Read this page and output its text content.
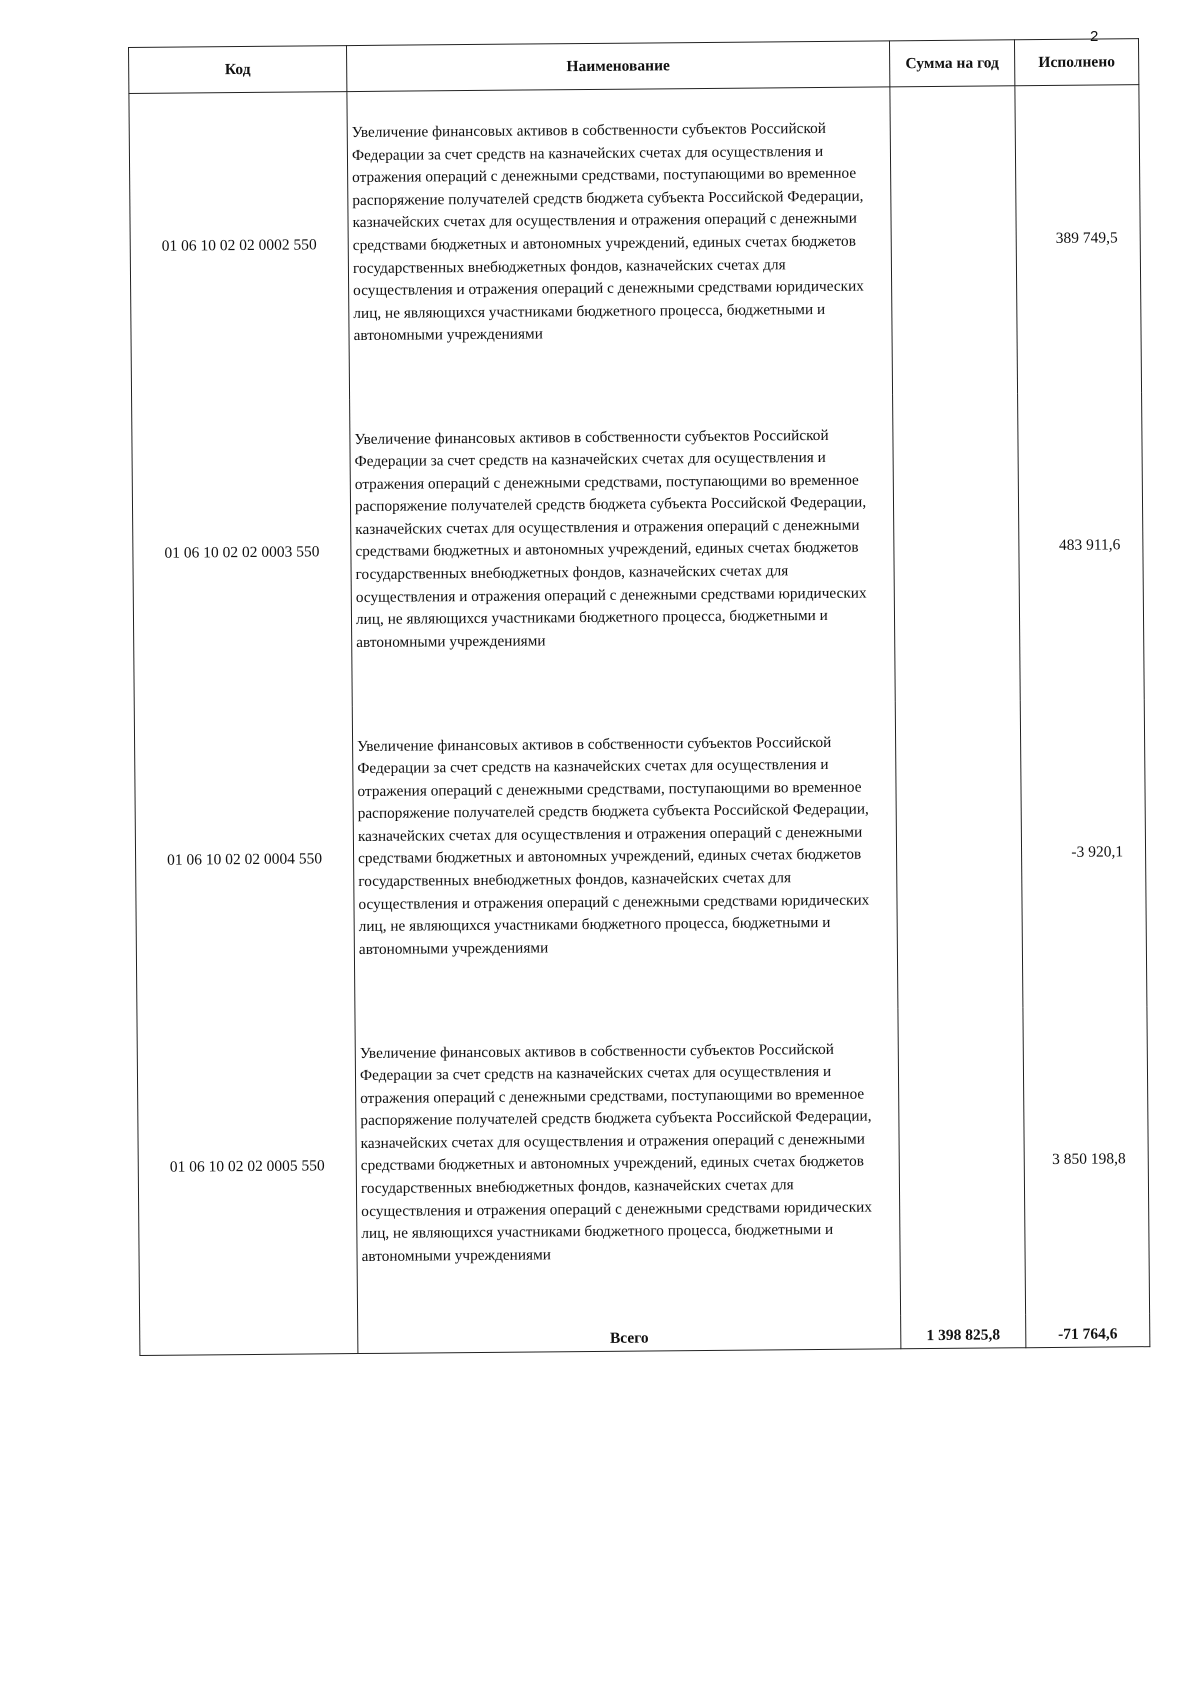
2
Код	Наименование	Сумма на год	Исполнено
01 06 10 02 02 0002 550	Увеличение финансовых активов в собственности субъектов Российской Федерации за счет средств на казначейских счетах для осуществления и отражения операций с денежными средствами, поступающими во временное распоряжение получателей средств бюджета субъекта Российской Федерации, казначейских счетах для осуществления и отражения операций с денежными средствами бюджетных и автономных учреждений, единых счетах бюджетов государственных внебюджетных фондов, казначейских счетах для осуществления и отражения операций с денежными средствами юридических лиц, не являющихся участниками бюджетного процесса, бюджетными и автономными учреждениями		389 749,5
01 06 10 02 02 0003 550	Увеличение финансовых активов в собственности субъектов Российской Федерации за счет средств на казначейских счетах для осуществления и отражения операций с денежными средствами, поступающими во временное распоряжение получателей средств бюджета субъекта Российской Федерации, казначейских счетах для осуществления и отражения операций с денежными средствами бюджетных и автономных учреждений, единых счетах бюджетов государственных внебюджетных фондов, казначейских счетах для осуществления и отражения операций с денежными средствами юридических лиц, не являющихся участниками бюджетного процесса, бюджетными и автономными учреждениями		483 911,6
01 06 10 02 02 0004 550	Увеличение финансовых активов в собственности субъектов Российской Федерации за счет средств на казначейских счетах для осуществления и отражения операций с денежными средствами, поступающими во временное распоряжение получателей средств бюджета субъекта Российской Федерации, казначейских счетах для осуществления и отражения операций с денежными средствами бюджетных и автономных учреждений, единых счетах бюджетов государственных внебюджетных фондов, казначейских счетах для осуществления и отражения операций с денежными средствами юридических лиц, не являющихся участниками бюджетного процесса, бюджетными и автономными учреждениями		-3 920,1
01 06 10 02 02 0005 550	Увеличение финансовых активов в собственности субъектов Российской Федерации за счет средств на казначейских счетах для осуществления и отражения операций с денежными средствами, поступающими во временное распоряжение получателей средств бюджета субъекта Российской Федерации, казначейских счетах для осуществления и отражения операций с денежными средствами бюджетных и автономных учреждений, единых счетах бюджетов государственных внебюджетных фондов, казначейских счетах для осуществления и отражения операций с денежными средствами юридических лиц, не являющихся участниками бюджетного процесса, бюджетными и автономными учреждениями		3 850 198,8
	Всего	1 398 825,8	-71 764,6
